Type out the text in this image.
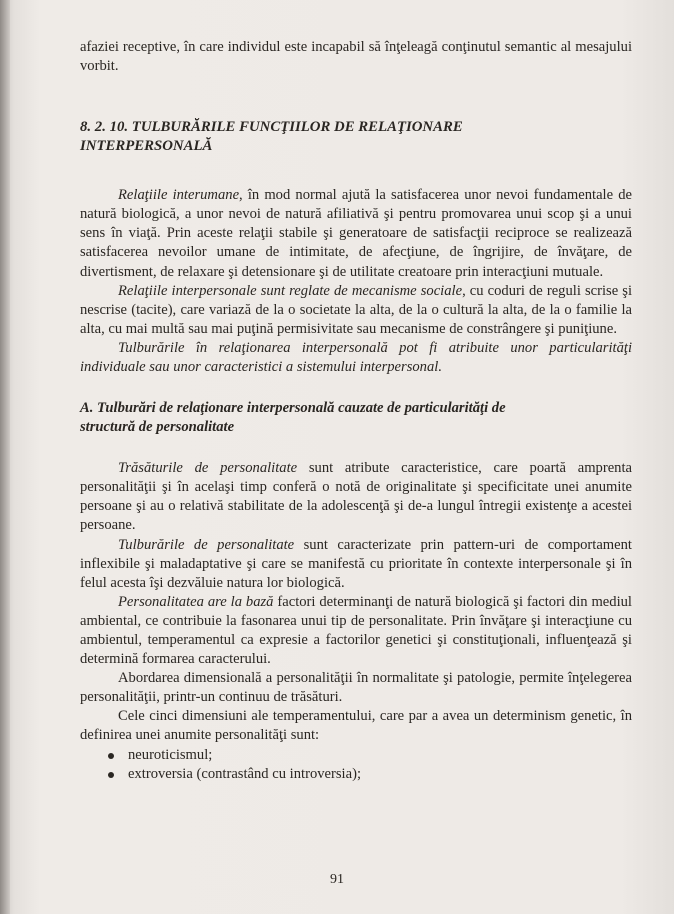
afaziei receptive, în care individul este incapabil să înţeleagă conţinutul semantic al mesajului vorbit.

8. 2. 10. TULBURĂRILE FUNCŢIILOR DE RELAŢIONARE

INTERPERSONALĂ

Relaţiile interumane, în mod normal ajută la satisfacerea unor nevoi fundamentale de natură biologică, a unor nevoi de natură afiliativă şi pentru promovarea unui scop şi a unui sens în viaţă. Prin aceste relaţii stabile şi generatoare de satisfacţii reciproce se realizează satisfacerea nevoilor umane de intimitate, de afecţiune, de îngrijire, de învăţare, de divertisment, de relaxare şi detensionare şi de utilitate creatoare prin interacţiuni mutuale.

Relaţiile interpersonale sunt reglate de mecanisme sociale, cu coduri de reguli scrise şi nescrise (tacite), care variază de la o societate la alta, de la o cultură la alta, de la o familie la alta, cu mai multă sau mai puţină permisivitate sau mecanisme de constrângere şi puniţiune.

Tulburările în relaţionarea interpersonală pot fi atribuite unor particularităţi individuale sau unor caracteristici a sistemului interpersonal.

A. Tulburări de relaţionare interpersonală cauzate de particularităţi de

structură de personalitate

Trăsăturile de personalitate sunt atribute caracteristice, care poartă amprenta personalităţii şi în acelaşi timp conferă o notă de originalitate şi specificitate unei anumite persoane şi au o relativă stabilitate de la adolescenţă şi de-a lungul întregii existenţe a acestei persoane.

Tulburările de personalitate sunt caracterizate prin pattern-uri de comportament inflexibile şi maladaptative şi care se manifestă cu prioritate în contexte interpersonale şi în felul acesta îşi dezvăluie natura lor biologică.

Personalitatea are la bază factori determinanţi de natură biologică şi factori din mediul ambiental, ce contribuie la fasonarea unui tip de personalitate. Prin învăţare şi interacţiune cu ambientul, temperamentul ca expresie a factorilor genetici şi constituţionali, influenţează şi determină formarea caracterului.

Abordarea dimensională a personalităţii în normalitate şi patologie, permite înţelegerea personalităţii, printr-un continuu de trăsături.

Cele cinci dimensiuni ale temperamentului, care par a avea un determinism genetic, în definirea unei anumite personalităţi sunt:

neuroticismul;
extroversia (contrastând cu introversia);
91
